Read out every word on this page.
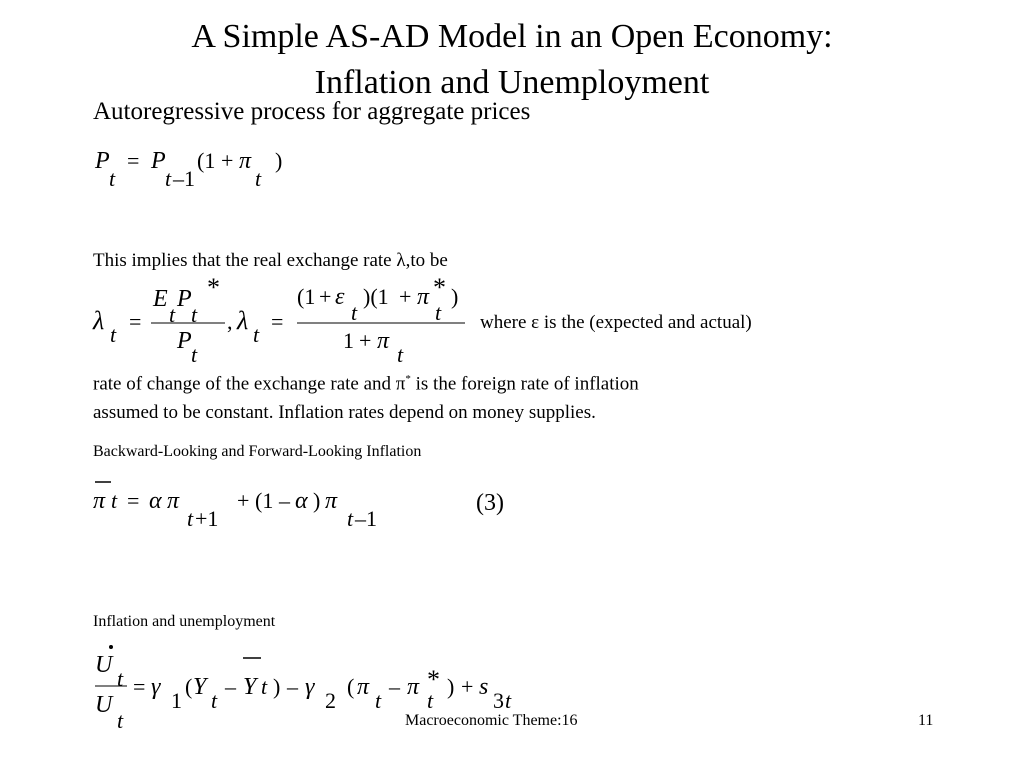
A Simple AS-AD Model in an Open Economy:
Inflation and Unemployment
Autoregressive process for aggregate prices
P
t
= P
t –1
(1 + π
t
)
This implies that the real exchange rate λ,to be
λ t
=
E
t
P
t
*
P
t
, λ t
=
(1 + ε
t
)(1 + π
t
* )
1 + π
t
where ε is the (expected and actual)
rate of change of the exchange rate and π* is the foreign rate of inflation
assumed to be constant. Inflation rates depend on money supplies.
Backward-Looking and Forward-Looking Inflation
π t = α π
t +1
+ (1 – α ) π
t –1
(3)
Inflation and unemployment
U
t
U
t
= γ
1
( Y
t
– Y t ) – γ
2
( π
t
– π
t
* ) + s
3 t
Macroeconomic Theme:16	11
